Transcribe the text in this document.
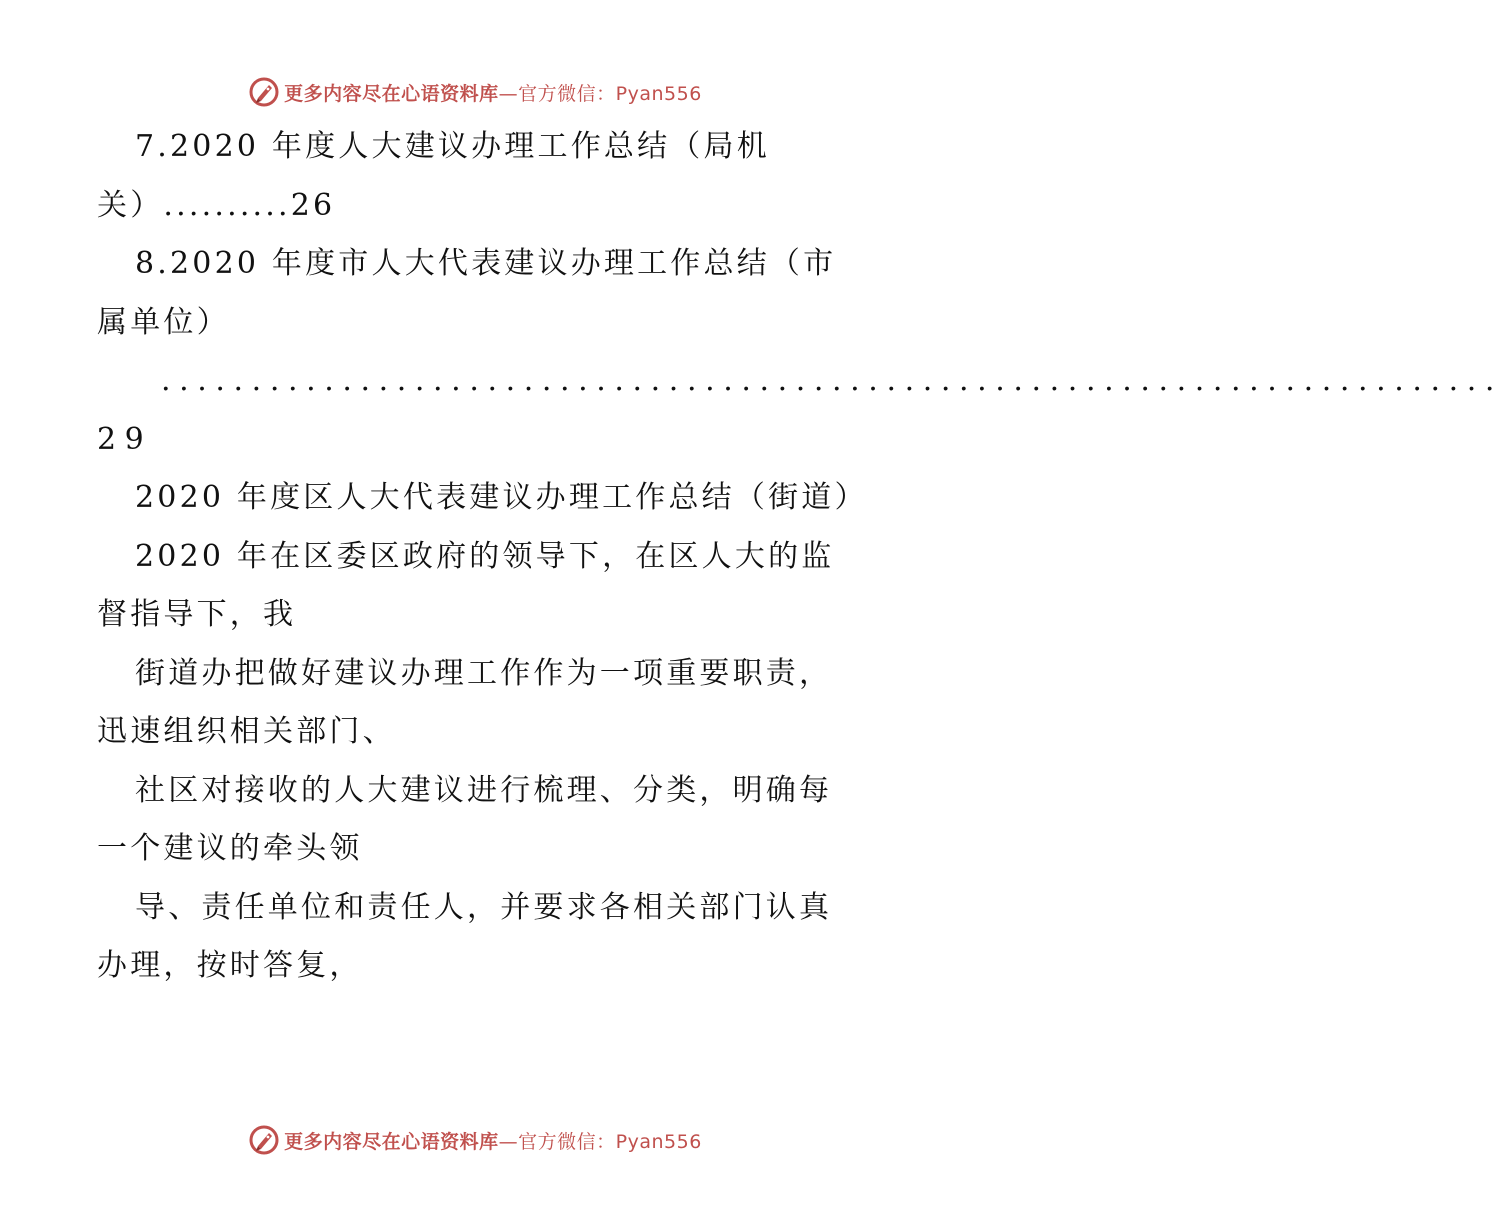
更多内容尽在心语资料库—官方微信：Pyan556

7.2020 年度人大建议办理工作总结（局机关）..........26

8.2020 年度市人大代表建议办理工作总结（市属单位）

..........................................................................29

2020 年度区人大代表建议办理工作总结（街道）

2020 年在区委区政府的领导下，在区人大的监督指导下，我

街道办把做好建议办理工作作为一项重要职责，迅速组织相关部门、

社区对接收的人大建议进行梳理、分类，明确每一个建议的牵头领

导、责任单位和责任人，并要求各相关部门认真办理，按时答复，

更多内容尽在心语资料库—官方微信：Pyan556
